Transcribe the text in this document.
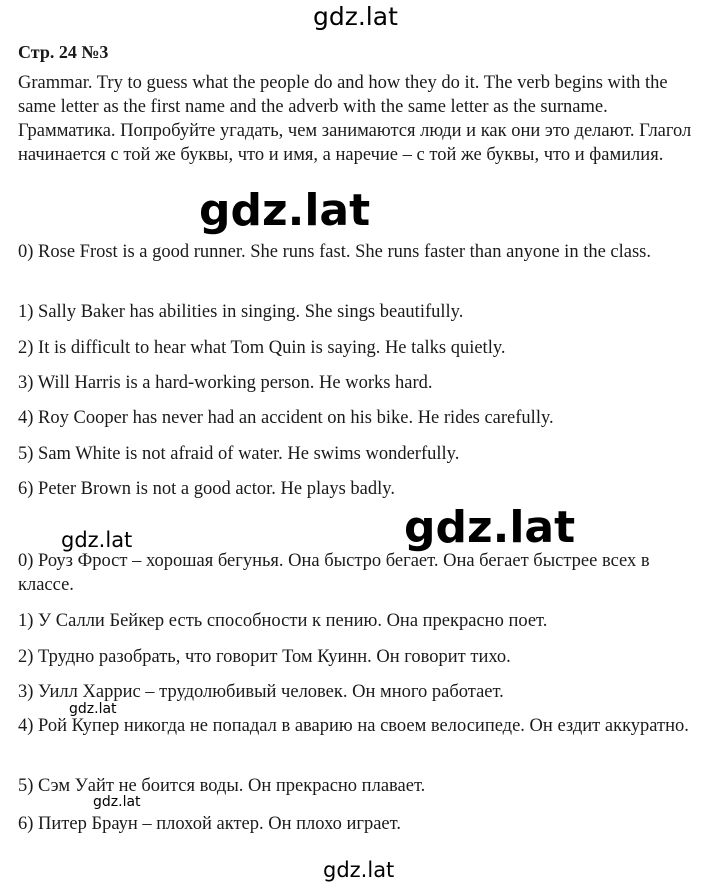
gdz.lat
Стр. 24 №3

Grammar. Try to guess what the people do and how they do it. The verb begins with the same letter as the first name and the adverb with the same letter as the surname. Грамматика. Попробуйте угадать, чем занимаются люди и как они это делают. Глагол начинается с той же буквы, что и имя, а наречие – с той же буквы, что и фамилия.

gdz.lat

0) Rose Frost is a good runner. She runs fast. She runs faster than anyone in the class.

1) Sally Baker has abilities in singing. She sings beautifully.

2) It is difficult to hear what Tom Quin is saying. He talks quietly.

3) Will Harris is a hard-working person. He works hard.

4) Roy Cooper has never had an accident on his bike. He rides carefully.

5) Sam White is not afraid of water. He swims wonderfully.

6) Peter Brown is not a good actor. He plays badly.

gdz.lat

0) Роуз Фрост – хорошая бегунья. Она быстро бегает. Она бегает быстрее всех в классе.

1) У Салли Бейкер есть способности к пению. Она прекрасно поет.

2) Трудно разобрать, что говорит Том Куинн. Он говорит тихо.

3) Уилл Харрис – трудолюбивый человек. Он много работает.

4) Рой Купер никогда не попадал в аварию на своем велосипеде. Он ездит аккуратно.

5) Сэм Уайт не боится воды. Он прекрасно плавает.

6) Питер Браун – плохой актер. Он плохо играет.

gdz.lat
gdz.lat
gdz.lat
gdz.lat
